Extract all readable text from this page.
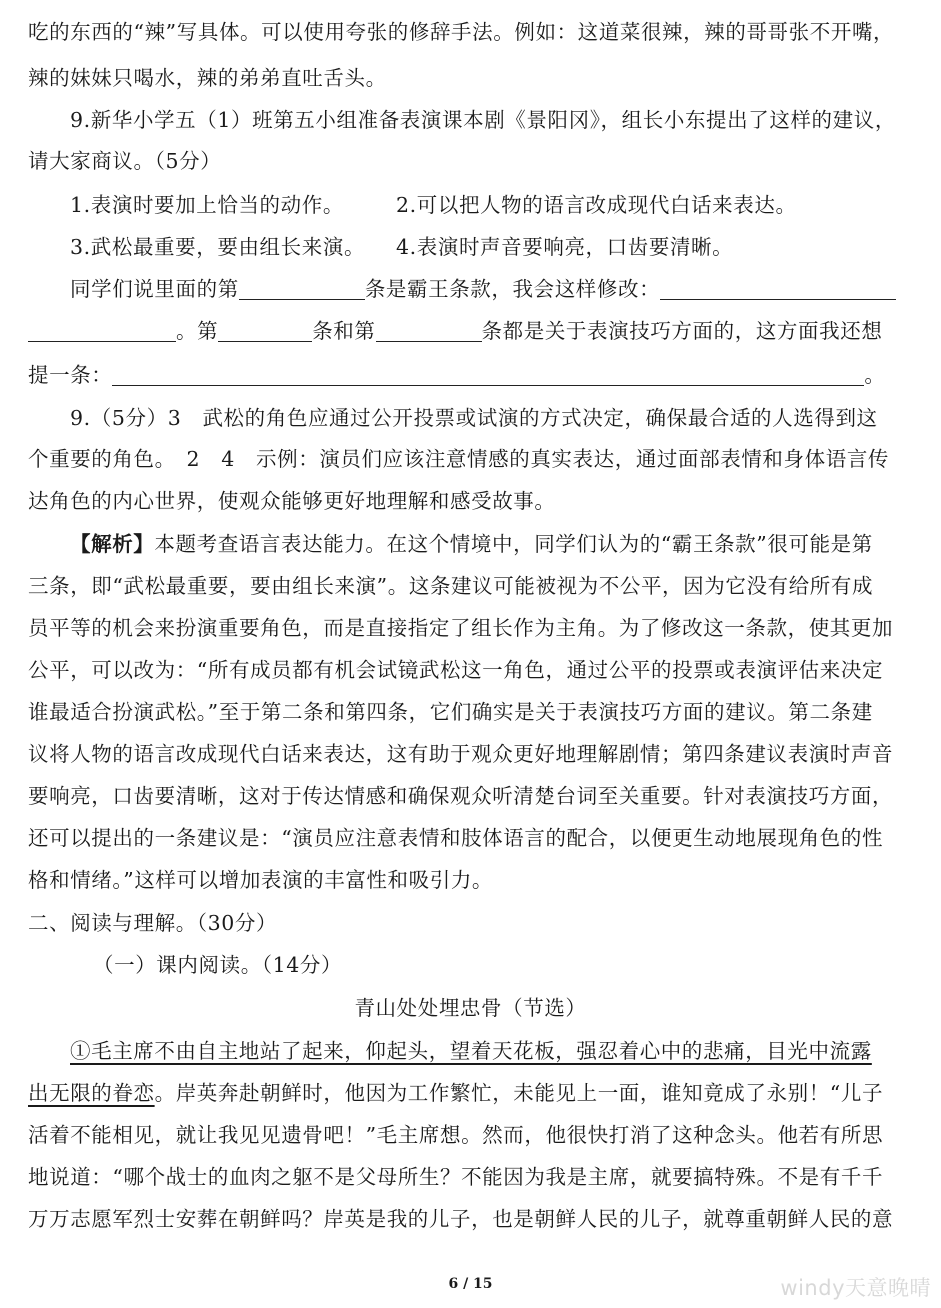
吃的东西的“辣”写具体。可以使用夸张的修辞手法。例如：这道菜很辣，辣的哥哥张不开嘴，
辣的妹妹只喝水，辣的弟弟直吐舌头。
9.新华小学五（1）班第五小组准备表演课本剧《景阳冈》，组长小东提出了这样的建议，
请大家商议。（5分）
1.表演时要加上恰当的动作。	2.可以把人物的语言改成现代白话来表达。
3.武松最重要，要由组长来演。 4.表演时声音要响亮，口齿要清晰。
同学们说里面的第	条是霸王条款，我会这样修改：
。第	条和第	条都是关于表演技巧方面的，这方面我还想
提一条：	。
9.（5分）3　武松的角色应通过公开投票或试演的方式决定，确保最合适的人选得到这
个重要的角色。　2　4　示例：演员们应该注意情感的真实表达，通过面部表情和身体语言传
达角色的内心世界，使观众能够更好地理解和感受故事。
【解析】本题考查语言表达能力。在这个情境中，同学们认为的“霸王条款”很可能是第
三条，即“武松最重要，要由组长来演”。这条建议可能被视为不公平，因为它没有给所有成
员平等的机会来扮演重要角色，而是直接指定了组长作为主角。为了修改这一条款，使其更加
公平，可以改为：“所有成员都有机会试镜武松这一角色，通过公平的投票或表演评估来决定
谁最适合扮演武松。”至于第二条和第四条，它们确实是关于表演技巧方面的建议。第二条建
议将人物的语言改成现代白话来表达，这有助于观众更好地理解剧情；第四条建议表演时声音
要响亮，口齿要清晰，这对于传达情感和确保观众听清楚台词至关重要。针对表演技巧方面，
还可以提出的一条建议是：“演员应注意表情和肢体语言的配合，以便更生动地展现角色的性
格和情绪。”这样可以增加表演的丰富性和吸引力。
二、阅读与理解。（30分）
（一）课内阅读。（14分）
青山处处埋忠骨（节选）
①毛主席不由自主地站了起来，仰起头，望着天花板，强忍着心中的悲痛，目光中流露
出无限的眷恋。岸英奔赴朝鲜时，他因为工作繁忙，未能见上一面，谁知竟成了永别！“儿子
活着不能相见，就让我见见遗骨吧！”毛主席想。然而，他很快打消了这种念头。他若有所思
地说道：“哪个战士的血肉之躯不是父母所生？不能因为我是主席，就要搞特殊。不是有千千
万万志愿军烈士安葬在朝鲜吗？岸英是我的儿子，也是朝鲜人民的儿子，就尊重朝鲜人民的意
6 / 15	windy天意晚晴
